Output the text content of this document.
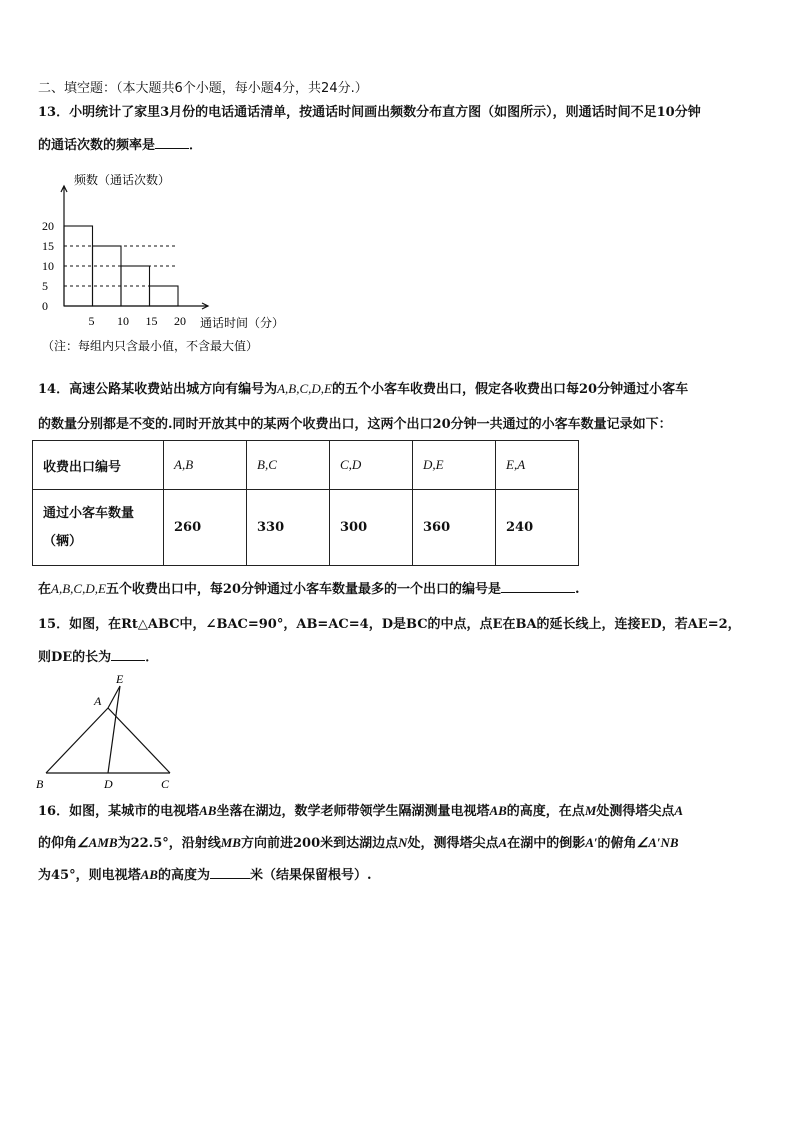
二、填空题：（本大题共6个小题，每小题4分，共24分.）
13．小明统计了家里3月份的电话通话清单，按通话时间画出频数分布直方图（如图所示），则通话时间不足10分钟
的通话次数的频率是	．
0
5
10
15
20
5 10 15 20
频数（通话次数）
通话时间（分）
（注：每组内只含最小值，不含最大值）
14．高速公路某收费站出城方向有编号为A,B,C,D,E的五个小客车收费出口，假定各收费出口每20分钟通过小客车
的数量分别都是不变的.同时开放其中的某两个收费出口，这两个出口20分钟一共通过的小客车数量记录如下：
收费出口编号	A,B	B,C	C,D	D,E	E,A

通过小客车数量
（辆）	260	330	300	360	240
在A,B,C,D,E五个收费出口中，每20分钟通过小客车数量最多的一个出口的编号是	.
15．如图，在Rt△ABC中，∠BAC=90°，AB=AC=4，D是BC的中点，点E在BA的延长线上，连接ED，若AE=2，
则DE的长为	．
E
A
B	D	C
16．如图，某城市的电视塔AB坐落在湖边，数学老师带领学生隔湖测量电视塔AB的高度，在点M处测得塔尖点A
的仰角∠AMB为22.5°，沿射线MB方向前进200米到达湖边点N处，测得塔尖点A在湖中的倒影A′的俯角∠A′NB
为45°，则电视塔AB的高度为	米（结果保留根号）.
